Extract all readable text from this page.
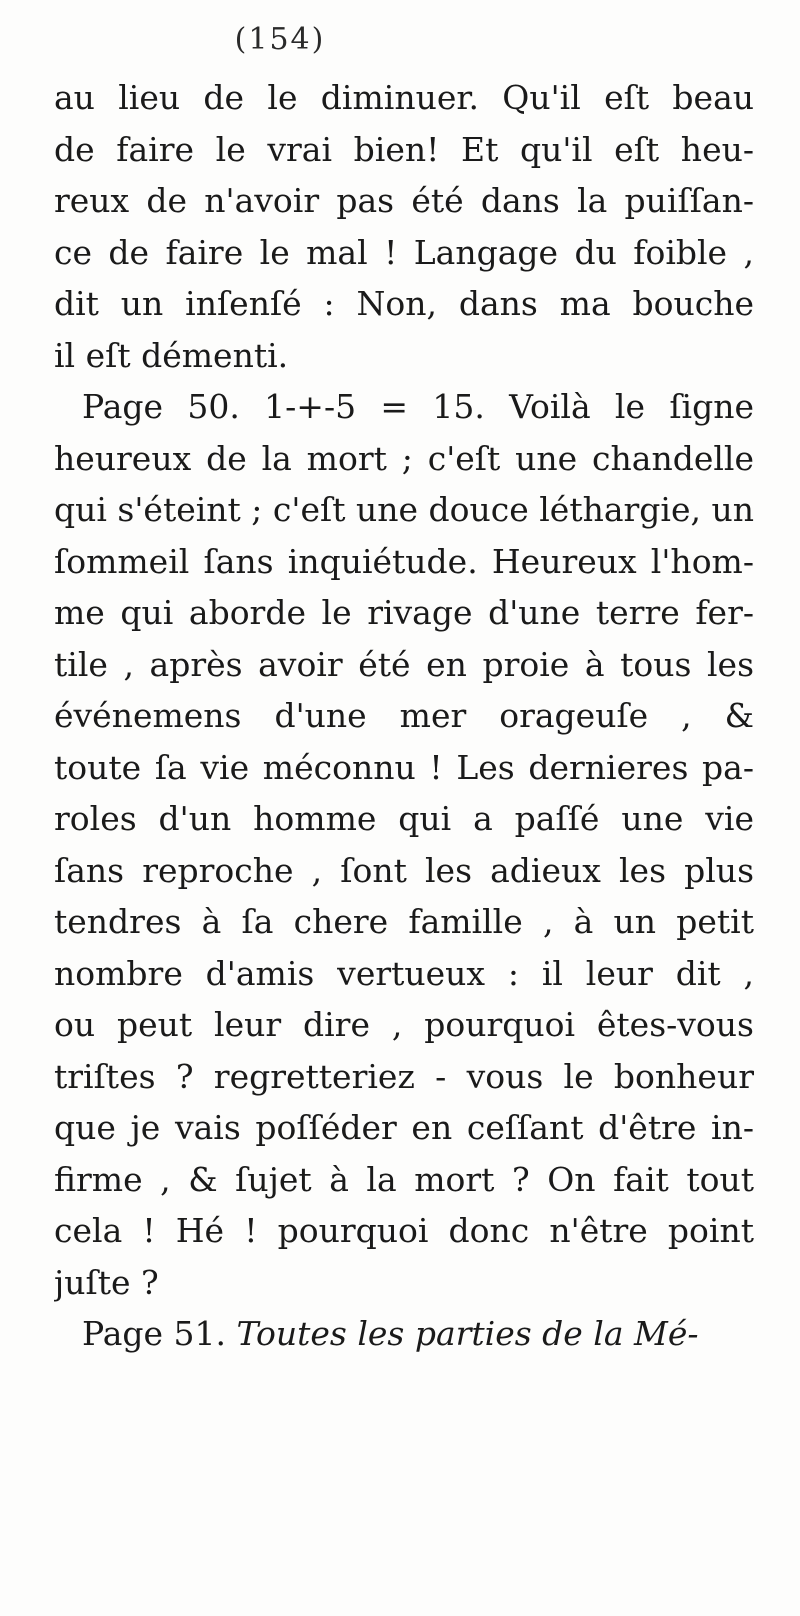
(154)
au lieu de le diminuer. Qu'il eſt beau
de faire le vrai bien! Et qu'il eſt heu-
reux de n'avoir pas été dans la puiſſan-
ce de faire le mal ! Langage du foible ,
dit un inſenſé : Non, dans ma bouche
il eſt démenti.
Page 50. 1-+-5 = 15. Voilà le ſigne
heureux de la mort ; c'eſt une chandelle
qui s'éteint ; c'eſt une douce léthargie, un
ſommeil ſans inquiétude. Heureux l'hom-
me qui aborde le rivage d'une terre fer-
tile , après avoir été en proie à tous les
événemens d'une mer orageuſe , &
toute ſa vie méconnu ! Les dernieres pa-
roles d'un homme qui a paſſé une vie
ſans reproche , ſont les adieux les plus
tendres à ſa chere famille , à un petit
nombre d'amis vertueux : il leur dit ,
ou peut leur dire , pourquoi êtes-vous
triſtes ? regretteriez - vous le bonheur
que je vais poſſéder en ceſſant d'être in-
firme , & ſujet à la mort ? On fait tout
cela ! Hé ! pourquoi donc n'être point
juſte ?
Page 51. Toutes les parties de la Mé-
